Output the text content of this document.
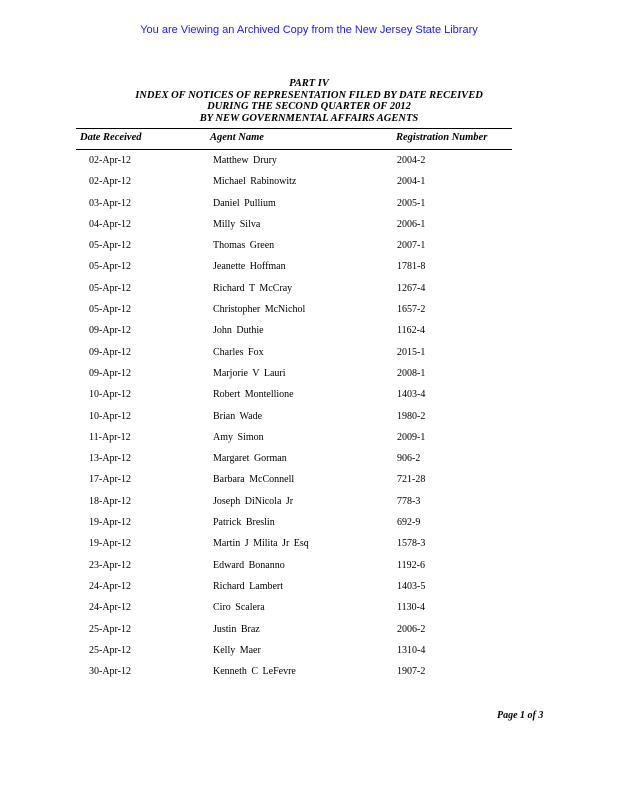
You are Viewing an Archived Copy from the New Jersey State Library
PART IV
INDEX OF NOTICES OF REPRESENTATION FILED BY DATE RECEIVED
DURING THE SECOND QUARTER OF 2012
BY NEW GOVERNMENTAL AFFAIRS AGENTS
Date Received	Agent Name	Registration Number
02-Apr-12	Matthew Drury	2004-2
02-Apr-12	Michael Rabinowitz	2004-1
03-Apr-12	Daniel Pullium	2005-1
04-Apr-12	Milly Silva	2006-1
05-Apr-12	Thomas Green	2007-1
05-Apr-12	Jeanette Hoffman	1781-8
05-Apr-12	Richard T McCray	1267-4
05-Apr-12	Christopher McNichol	1657-2
09-Apr-12	John Duthie	1162-4
09-Apr-12	Charles Fox	2015-1
09-Apr-12	Marjorie V Lauri	2008-1
10-Apr-12	Robert Montellione	1403-4
10-Apr-12	Brian Wade	1980-2
11-Apr-12	Amy Simon	2009-1
13-Apr-12	Margaret Gorman	906-2
17-Apr-12	Barbara McConnell	721-28
18-Apr-12	Joseph DiNicola Jr	778-3
19-Apr-12	Patrick Breslin	692-9
19-Apr-12	Martin J Milita Jr Esq	1578-3
23-Apr-12	Edward Bonanno	1192-6
24-Apr-12	Richard Lambert	1403-5
24-Apr-12	Ciro Scalera	1130-4
25-Apr-12	Justin Braz	2006-2
25-Apr-12	Kelly Maer	1310-4
30-Apr-12	Kenneth C LeFevre	1907-2
Page 1 of 3
